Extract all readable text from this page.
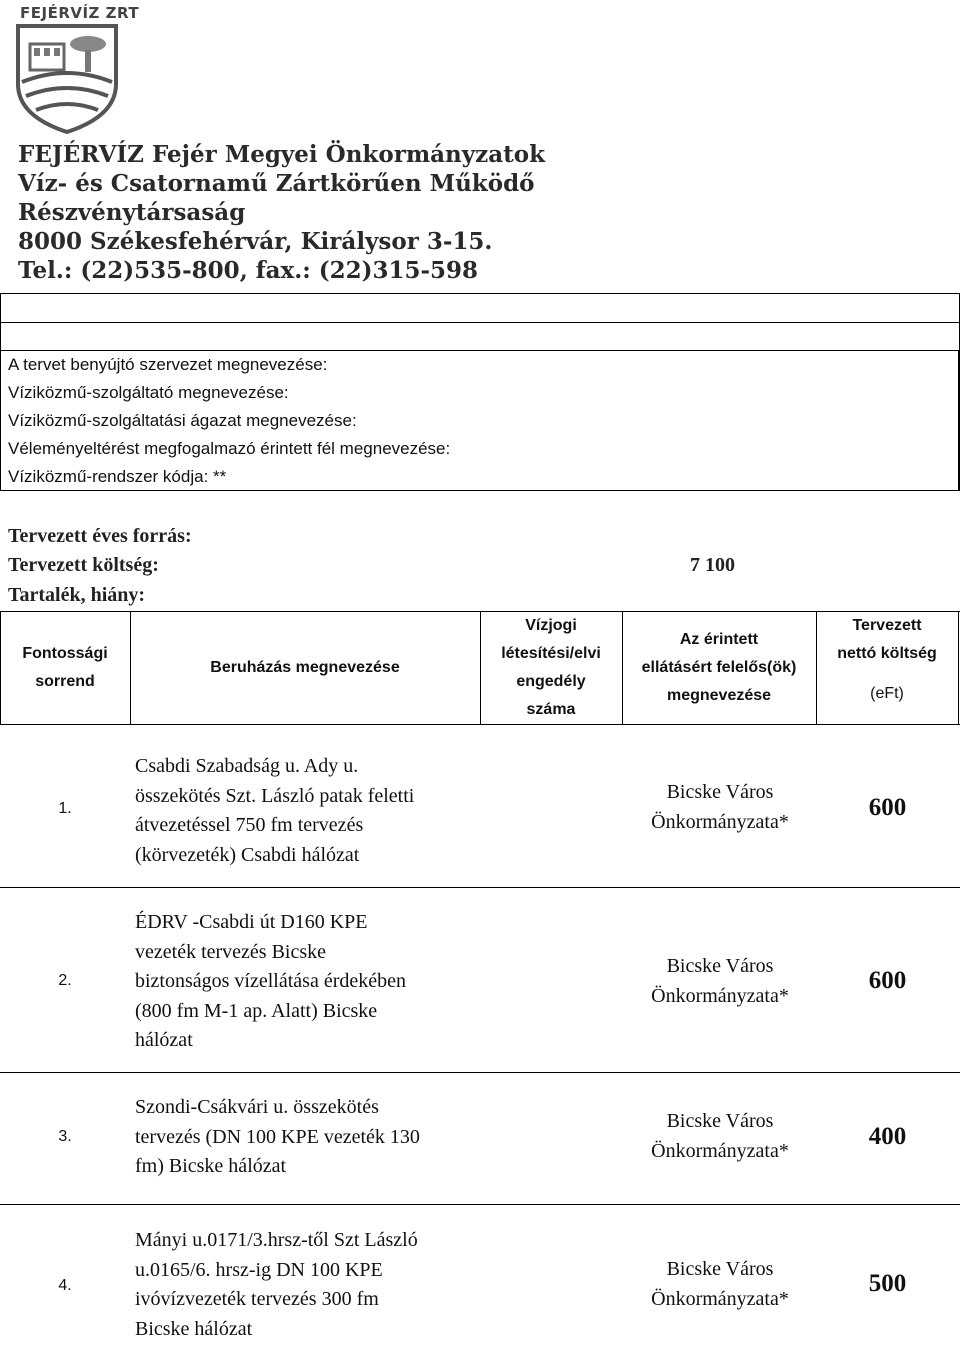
FEJÉRVÍZ ZRT
FEJÉRVÍZ Fejér Megyei Önkormányzatok
Víz- és Csatornamű Zártkörűen Működő
Részvénytársaság
8000 Székesfehérvár, Királysor 3-15.
Tel.: (22)535-800, fax.: (22)315-598
A tervet benyújtó szervezet megnevezése:
Víziközmű-szolgáltató megnevezése:
Víziközmű-szolgáltatási ágazat megnevezése:
Véleményeltérést megfogalmazó érintett fél megnevezése:
Víziközmű-rendszer kódja: **
Tervezett éves forrás:
Tervezett költség:	7 100
Tartalék, hiány:
Fontossági
sorrend
Beruházás megnevezése
Vízjogi
létesítési/elvi
engedély
száma
Az érintett
ellátásért felelős(ök)
megnevezése
Tervezett
nettó költség
(eFt)
1.
Csabdi Szabadság u. Ady u.
összekötés Szt. László patak feletti
átvezetéssel 750 fm tervezés
(körvezeték) Csabdi hálózat
Bicske Város
Önkormányzata*
600
2.
ÉDRV -Csabdi út D160 KPE
vezeték tervezés Bicske
biztonságos vízellátása érdekében
(800 fm M-1 ap. Alatt) Bicske
hálózat
Bicske Város
Önkormányzata*
600
3.
Szondi-Csákvári u. összekötés
tervezés (DN 100 KPE vezeték 130
fm) Bicske hálózat
Bicske Város
Önkormányzata*
400
4.
Mányi u.0171/3.hrsz-től Szt László
u.0165/6. hrsz-ig DN 100 KPE
ivóvízvezeték tervezés 300 fm
Bicske hálózat
Bicske Város
Önkormányzata*
500
